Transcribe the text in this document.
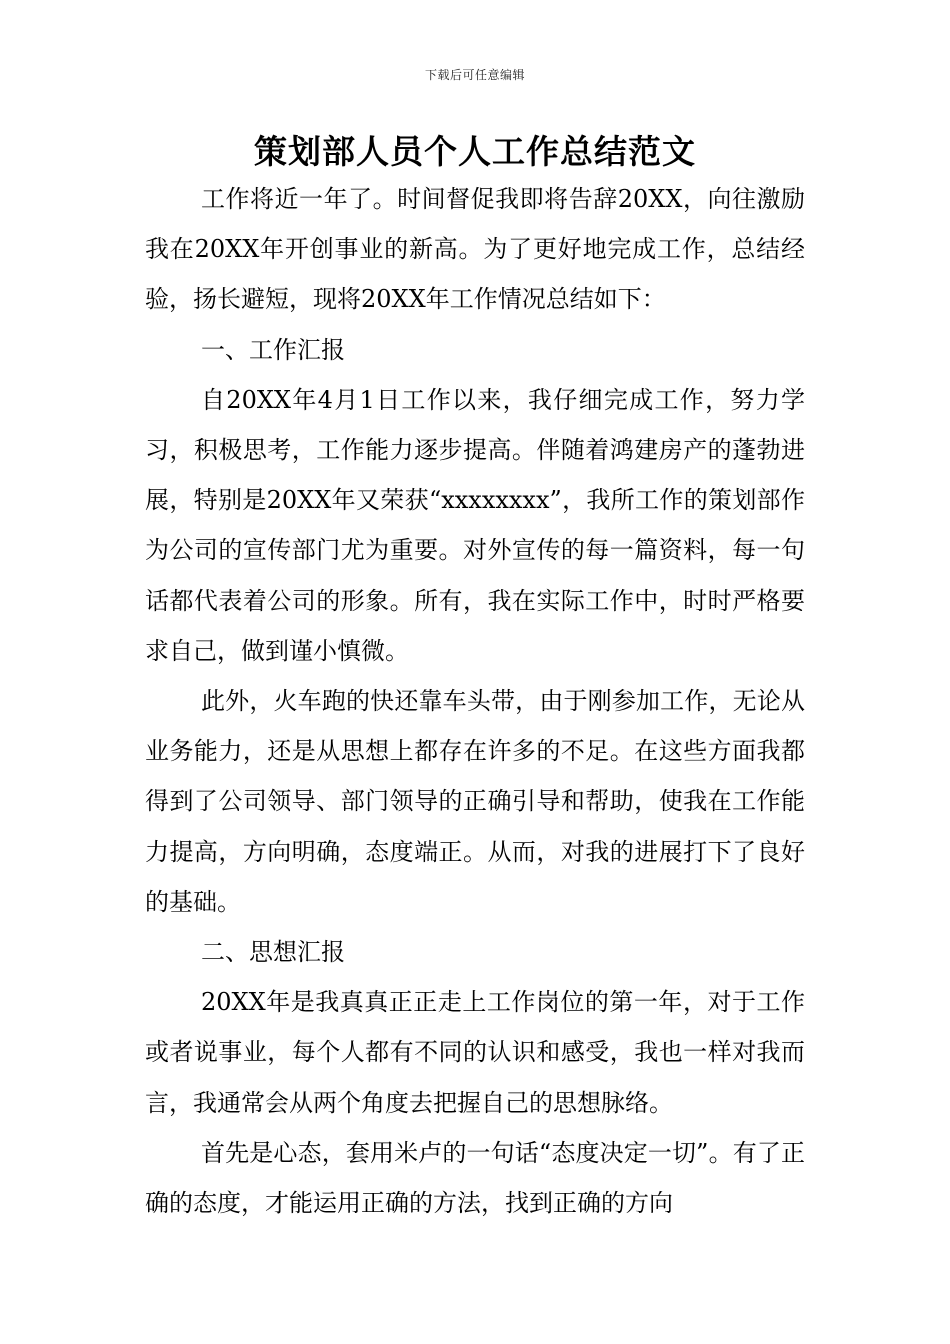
下载后可任意编辑
策划部人员个人工作总结范文

工作将近一年了。时间督促我即将告辞20XX，向往激励我在20XX年开创事业的新高。为了更好地完成工作，总结经验，扬长避短，现将20XX年工作情况总结如下：

一、工作汇报

自20XX年4月1日工作以来，我仔细完成工作，努力学习，积极思考，工作能力逐步提高。伴随着鸿建房产的蓬勃进展，特别是20XX年又荣获“xxxxxxxx”，我所工作的策划部作为公司的宣传部门尤为重要。对外宣传的每一篇资料，每一句话都代表着公司的形象。所有，我在实际工作中，时时严格要求自己，做到谨小慎微。

此外，火车跑的快还靠车头带，由于刚参加工作，无论从业务能力，还是从思想上都存在许多的不足。在这些方面我都得到了公司领导、部门领导的正确引导和帮助，使我在工作能力提高，方向明确，态度端正。从而，对我的进展打下了良好的基础。

二、思想汇报

20XX年是我真真正正走上工作岗位的第一年，对于工作或者说事业，每个人都有不同的认识和感受，我也一样对我而言，我通常会从两个角度去把握自己的思想脉络。

首先是心态，套用米卢的一句话“态度决定一切”。有了正确的态度，才能运用正确的方法，找到正确的方向
